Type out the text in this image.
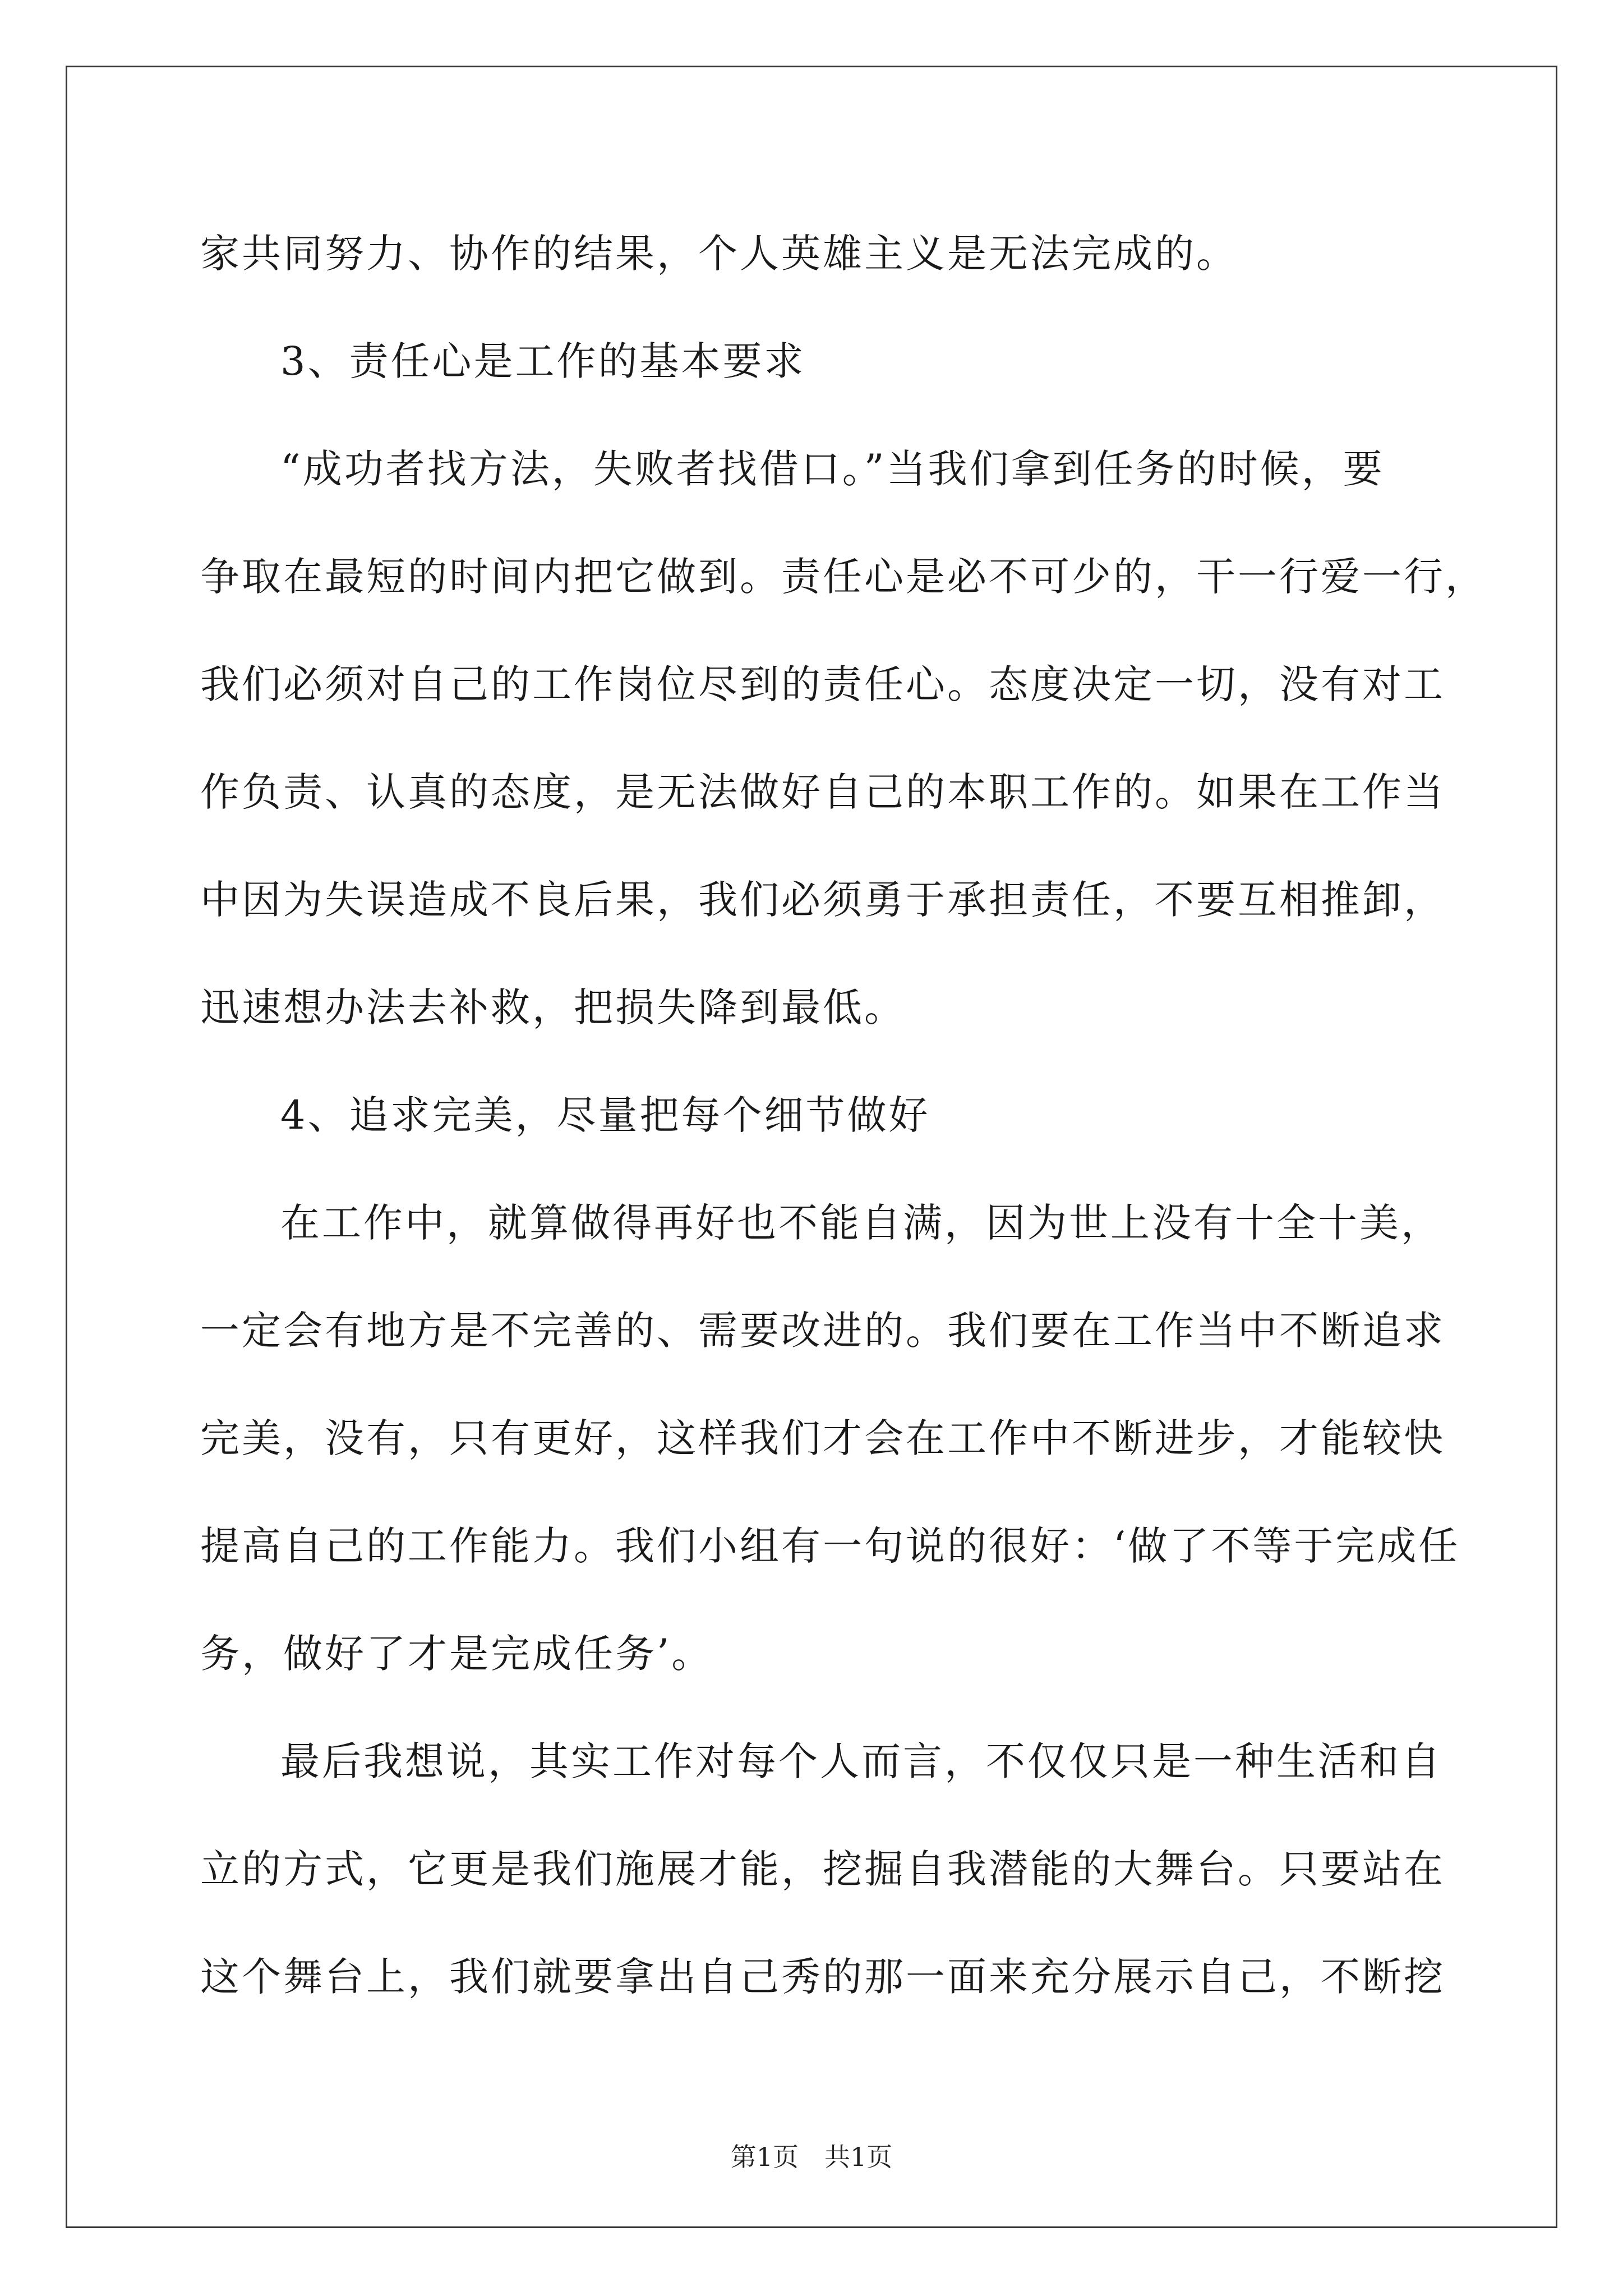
家共同努力、协作的结果，个人英雄主义是无法完成的。
3、责任心是工作的基本要求
“成功者找方法，失败者找借口。”当我们拿到任务的时候，要
争取在最短的时间内把它做到。责任心是必不可少的，干一行爱一行，
我们必须对自己的工作岗位尽到的责任心。态度决定一切，没有对工
作负责、认真的态度，是无法做好自己的本职工作的。如果在工作当
中因为失误造成不良后果，我们必须勇于承担责任，不要互相推卸，
迅速想办法去补救，把损失降到最低。
4、追求完美，尽量把每个细节做好
在工作中，就算做得再好也不能自满，因为世上没有十全十美，
一定会有地方是不完善的、需要改进的。我们要在工作当中不断追求
完美，没有，只有更好，这样我们才会在工作中不断进步，才能较快
提高自己的工作能力。我们小组有一句说的很好：‘做了不等于完成任
务，做好了才是完成任务’。
最后我想说，其实工作对每个人而言，不仅仅只是一种生活和自
立的方式，它更是我们施展才能，挖掘自我潜能的大舞台。只要站在
这个舞台上，我们就要拿出自己秀的那一面来充分展示自己，不断挖
第1页　共1页
